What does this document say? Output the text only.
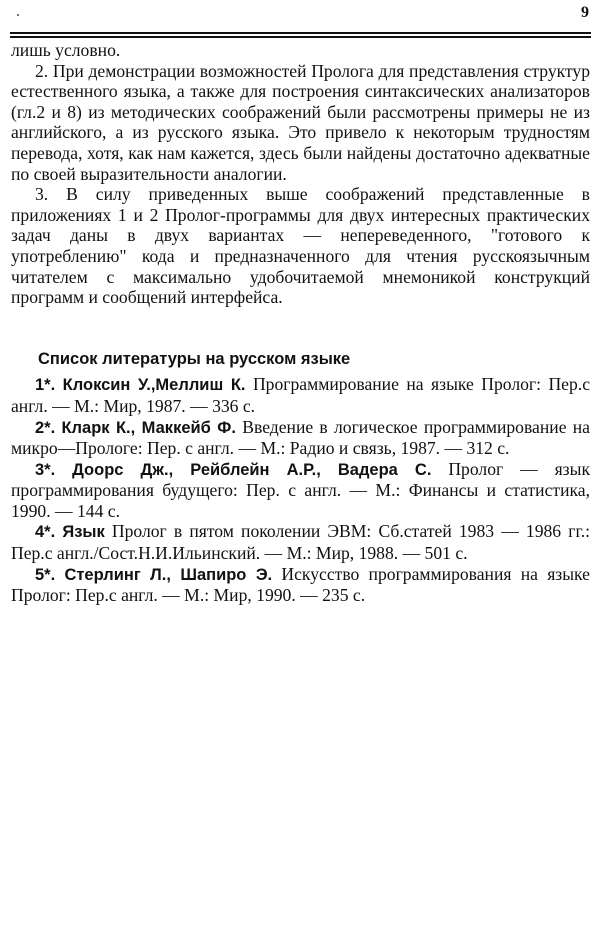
9

лишь условно.

2. При демонстрации возможностей Пролога для представления структур естественного языка, а также для построения синтаксических анализаторов (гл.2 и 8) из методических соображений были рассмотрены примеры не из английского, а из русского языка. Это привело к некоторым трудностям перевода, хотя, как нам кажется, здесь были найдены достаточно адекватные по своей выразительности аналогии.

3. В силу приведенных выше соображений представленные в приложениях 1 и 2 Пролог-программы для двух интересных практических задач даны в двух вариантах — непереведенного, "готового к употреблению" кода и предназначенного для чтения русскоязычным читателем с максимально удобочитаемой мнемоникой конструкций программ и сообщений интерфейса.

Список литературы на русском языке

1*. Клоксин У.,Меллиш К. Программирование на языке Пролог: Пер.с англ. — М.: Мир, 1987. — 336 с.

2*. Кларк К., Маккейб Ф. Введение в логическое программирование на микро—Прологе: Пер. с англ. — М.: Радио и связь, 1987. — 312 с.

3*. Доорс Дж., Рейблейн А.Р., Вадера С. Пролог — язык программирования будущего: Пер. с англ. — М.: Финансы и статистика, 1990. — 144 с.

4*. Язык Пролог в пятом поколении ЭВМ: Сб.статей 1983 — 1986 гг.: Пер.с англ./Сост.Н.И.Ильинский. — М.: Мир, 1988. — 501 с.

5*. Стерлинг Л., Шапиро Э. Искусство программирования на языке Пролог: Пер.с англ. — М.: Мир, 1990. — 235 с.
